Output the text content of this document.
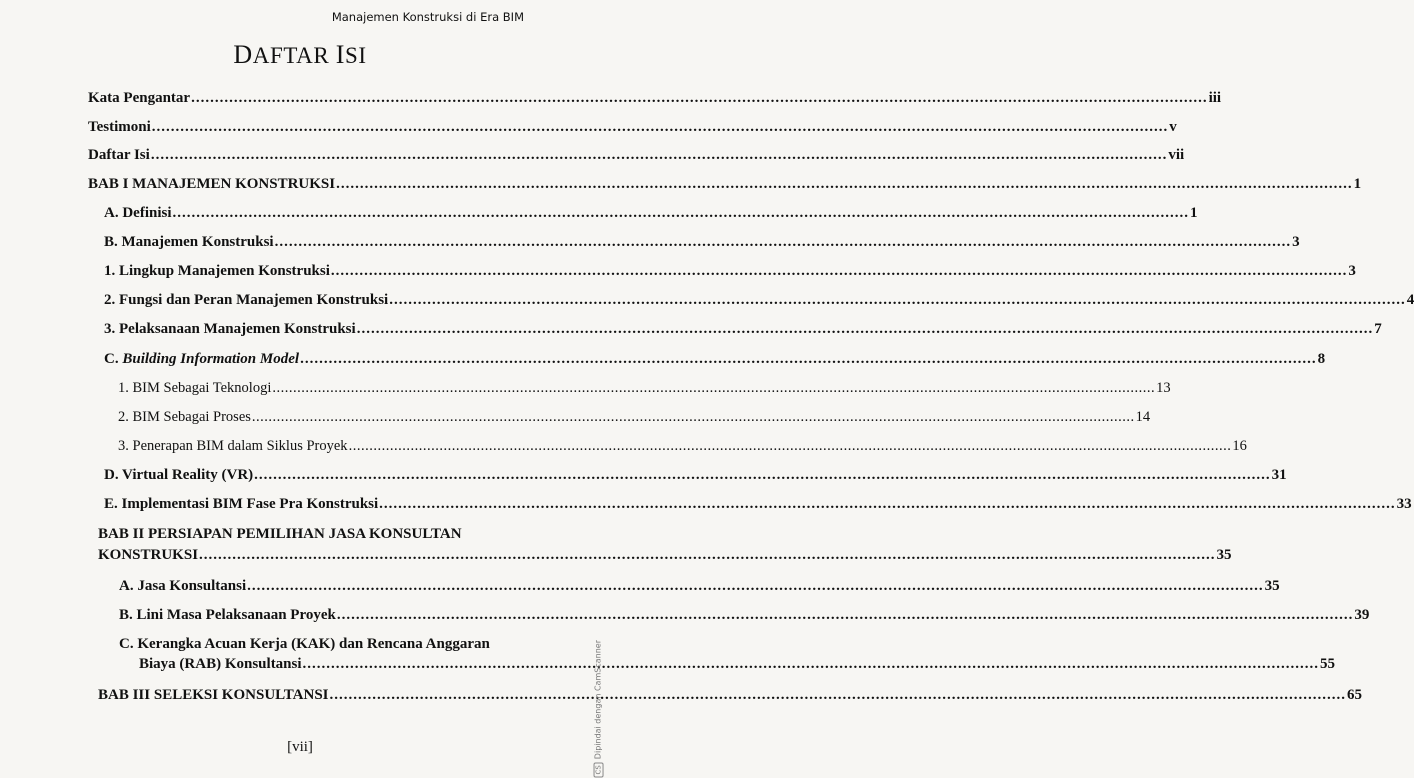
Manajemen Konstruksi di Era BIM
DAFTAR ISI
Kata Pengantar .....	iii
Testimoni .....	v
Daftar Isi .....	vii
BAB I MANAJEMEN KONSTRUKSI .....	1
A. Definisi .....	1
B. Manajemen Konstruksi .....	3
1. Lingkup Manajemen Konstruksi .....	3
2. Fungsi dan Peran Manajemen Konstruksi .....	4
3. Pelaksanaan Manajemen Konstruksi .....	7
C. Building Information Model .....	8
1. BIM Sebagai Teknologi .....	13
2. BIM Sebagai Proses .....	14
3. Penerapan BIM dalam Siklus Proyek .....	16
D. Virtual Reality (VR) .....	31
E. Implementasi BIM Fase Pra Konstruksi .....	33
BAB II PERSIAPAN PEMILIHAN JASA KONSULTAN
KONSTRUKSI .....	35
A. Jasa Konsultansi .....	35
B. Lini Masa Pelaksanaan Proyek .....	39
C. Kerangka Acuan Kerja (KAK) dan Rencana Anggaran
Biaya (RAB) Konsultansi .....	55
BAB III SELEKSI KONSULTANSI .....	65
[vii]
CSDipindai dengan CamScanner
